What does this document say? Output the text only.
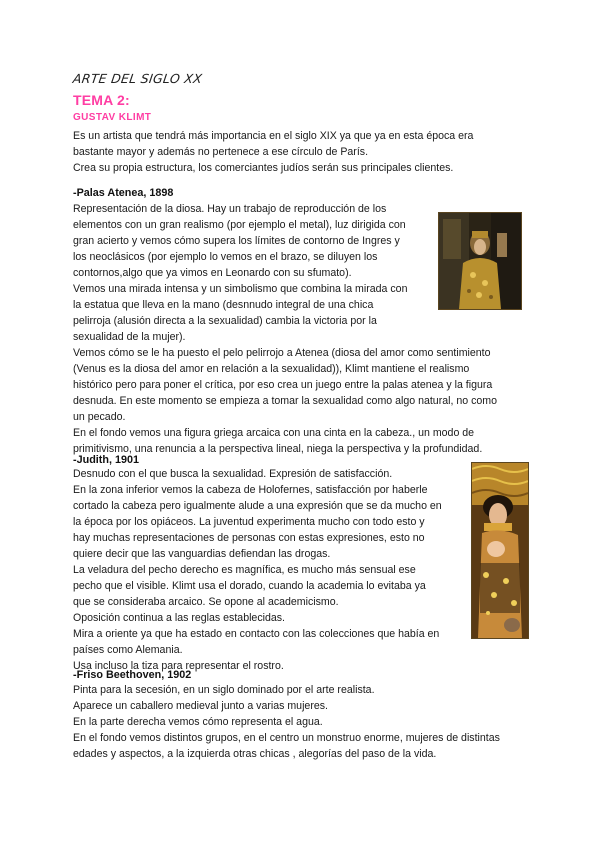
ARTE DEL SIGLO XX
TEMA 2:
GUSTAV KLIMT
Es un artista que tendrá más importancia en el siglo XIX ya que ya en esta época era
bastante mayor y además no pertenece a ese círculo de París.
Crea su propia estructura, los comerciantes judíos serán sus principales clientes.
-Palas Atenea, 1898
Representación de la diosa. Hay un trabajo de reproducción de los
elementos con un gran realismo (por ejemplo el metal), luz dirigida con
gran acierto y vemos cómo supera los límites de contorno de Ingres y
los neoclásicos (por ejemplo lo vemos en el brazo, se diluyen los
contornos,algo que ya vimos en Leonardo con su sfumato).
Vemos una mirada intensa y un simbolismo que combina la mirada con
la estatua que lleva en la mano (desnnudo integral de una chica
pelirroja (alusión directa a la sexualidad) cambia la victoria por la
sexualidad de la mujer).
Vemos cómo se le ha puesto el pelo pelirrojo a Atenea (diosa del amor como sentimiento
(Venus es la diosa del amor en relación a la sexualidad)), Klimt mantiene el realismo
histórico pero para poner el crítica, por eso crea un juego entre la palas atenea y la figura
desnuda. En este momento se empieza a tomar la sexualidad como algo natural, no como
un pecado.
En el fondo vemos una figura griega arcaica con una cinta en la cabeza., un modo de
primitivismo, una renuncia a la perspectiva lineal, niega la perspectiva y la profundidad.
-Judith, 1901
Desnudo con el que busca la sexualidad. Expresión de satisfacción.
En la zona inferior vemos la cabeza de Holofernes, satisfacción por haberle
cortado la cabeza pero igualmente alude a una expresión que se da mucho en
la época por los opiáceos. La juventud experimenta mucho con todo esto y
hay muchas representaciones de personas con estas expresiones, esto no
quiere decir que las vanguardias defiendan las drogas.
La veladura del pecho derecho es magnífica, es mucho más sensual ese
pecho que el visible. Klimt usa el dorado, cuando la academia lo evitaba ya
que se consideraba arcaico. Se opone al academicismo.
Oposición continua a las reglas establecidas.
Mira a oriente ya que ha estado en contacto con las colecciones que había en
países como Alemania.
Usa incluso la tiza para representar el rostro.
-Friso Beethoven, 1902
Pinta para la secesión, en un siglo dominado por el arte realista.
Aparece un caballero medieval junto a varias mujeres.
En la parte derecha vemos cómo representa el agua.
En el fondo vemos distintos grupos, en el centro un monstruo enorme, mujeres de distintas
edades y aspectos, a la izquierda otras chicas , alegorías del paso de la vida.
